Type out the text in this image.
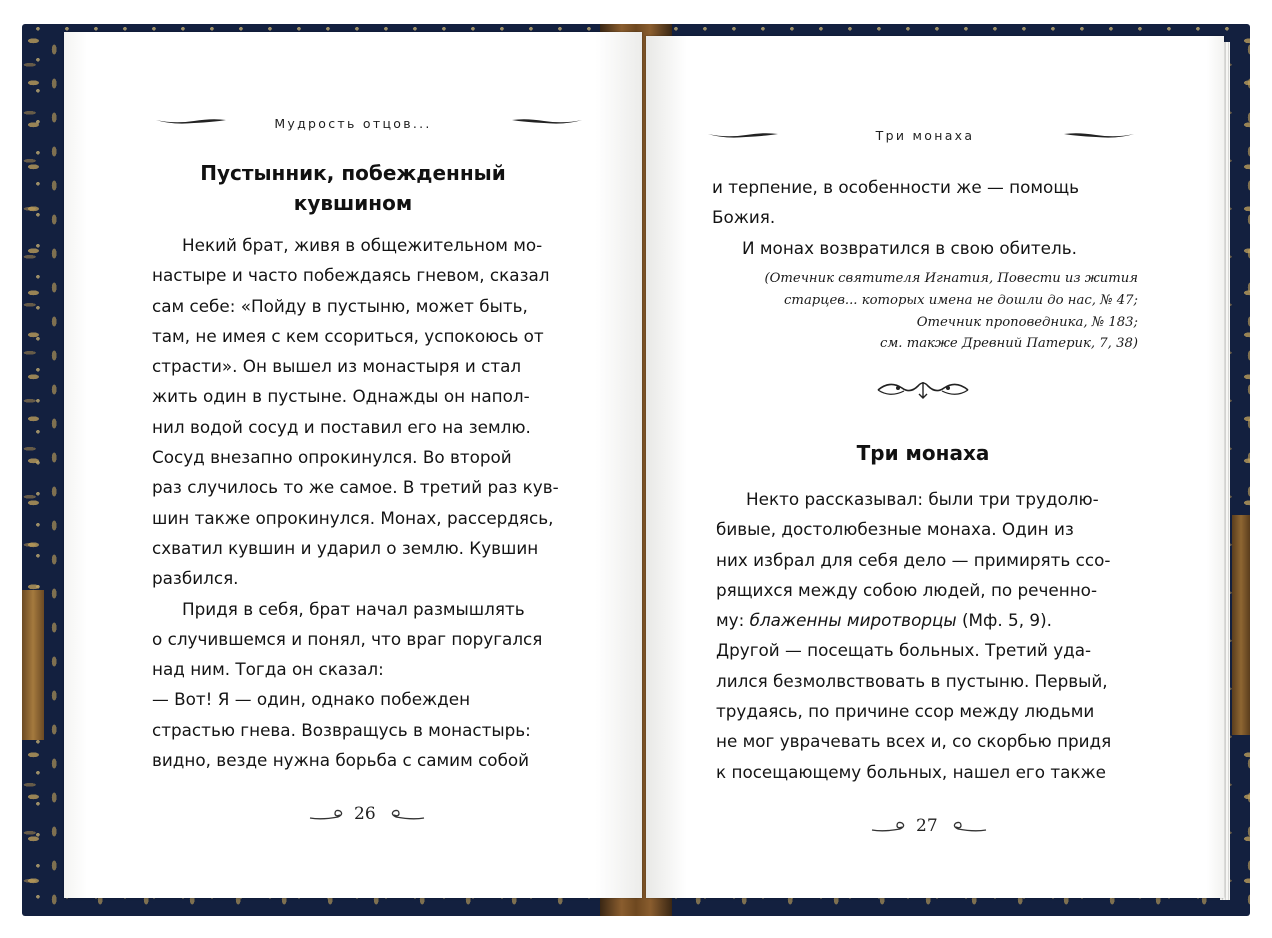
Мудрость отцов...
Пустынник, побежденный
кувшином

Некий брат, живя в общежительном мо-

настыре и часто побеждаясь гневом, сказал

сам себе: «Пойду в пустыню, может быть,

там, не имея с кем ссориться, успокоюсь от

страсти». Он вышел из монастыря и стал

жить один в пустыне. Однажды он напол-

нил водой сосуд и поставил его на землю.

Сосуд внезапно опрокинулся. Во второй

раз случилось то же самое. В третий раз кув-

шин также опрокинулся. Монах, рассердясь,

схватил кувшин и ударил о землю. Кувшин

разбился.

Придя в себя, брат начал размышлять

о случившемся и понял, что враг поругался

над ним. Тогда он сказал:

— Вот! Я — один, однако побежден

страстью гнева. Возвращусь в монастырь:

видно, везде нужна борьба с самим собой

26
Три монаха

и терпение, в особенности же — помощь

Божия.

И монах возвратился в свою обитель.

(Отечник святителя Игнатия, Повести из жития
старцев... которых имена не дошли до нас, № 47;
Отечник проповедника, № 183;
см. также Древний Патерик, 7, 38)
Три монаха

Некто рассказывал: были три трудолю-

бивые, достолюбезные монаха. Один из

них избрал для себя дело — примирять ссо-

рящихся между собою людей, по реченно-

му: блаженны миротворцы (Мф. 5, 9).

Другой — посещать больных. Третий уда-

лился безмолвствовать в пустыню. Первый,

трудаясь, по причине ссор между людьми

не мог уврачевать всех и, со скорбью придя

к посещающему больных, нашел его также

27
